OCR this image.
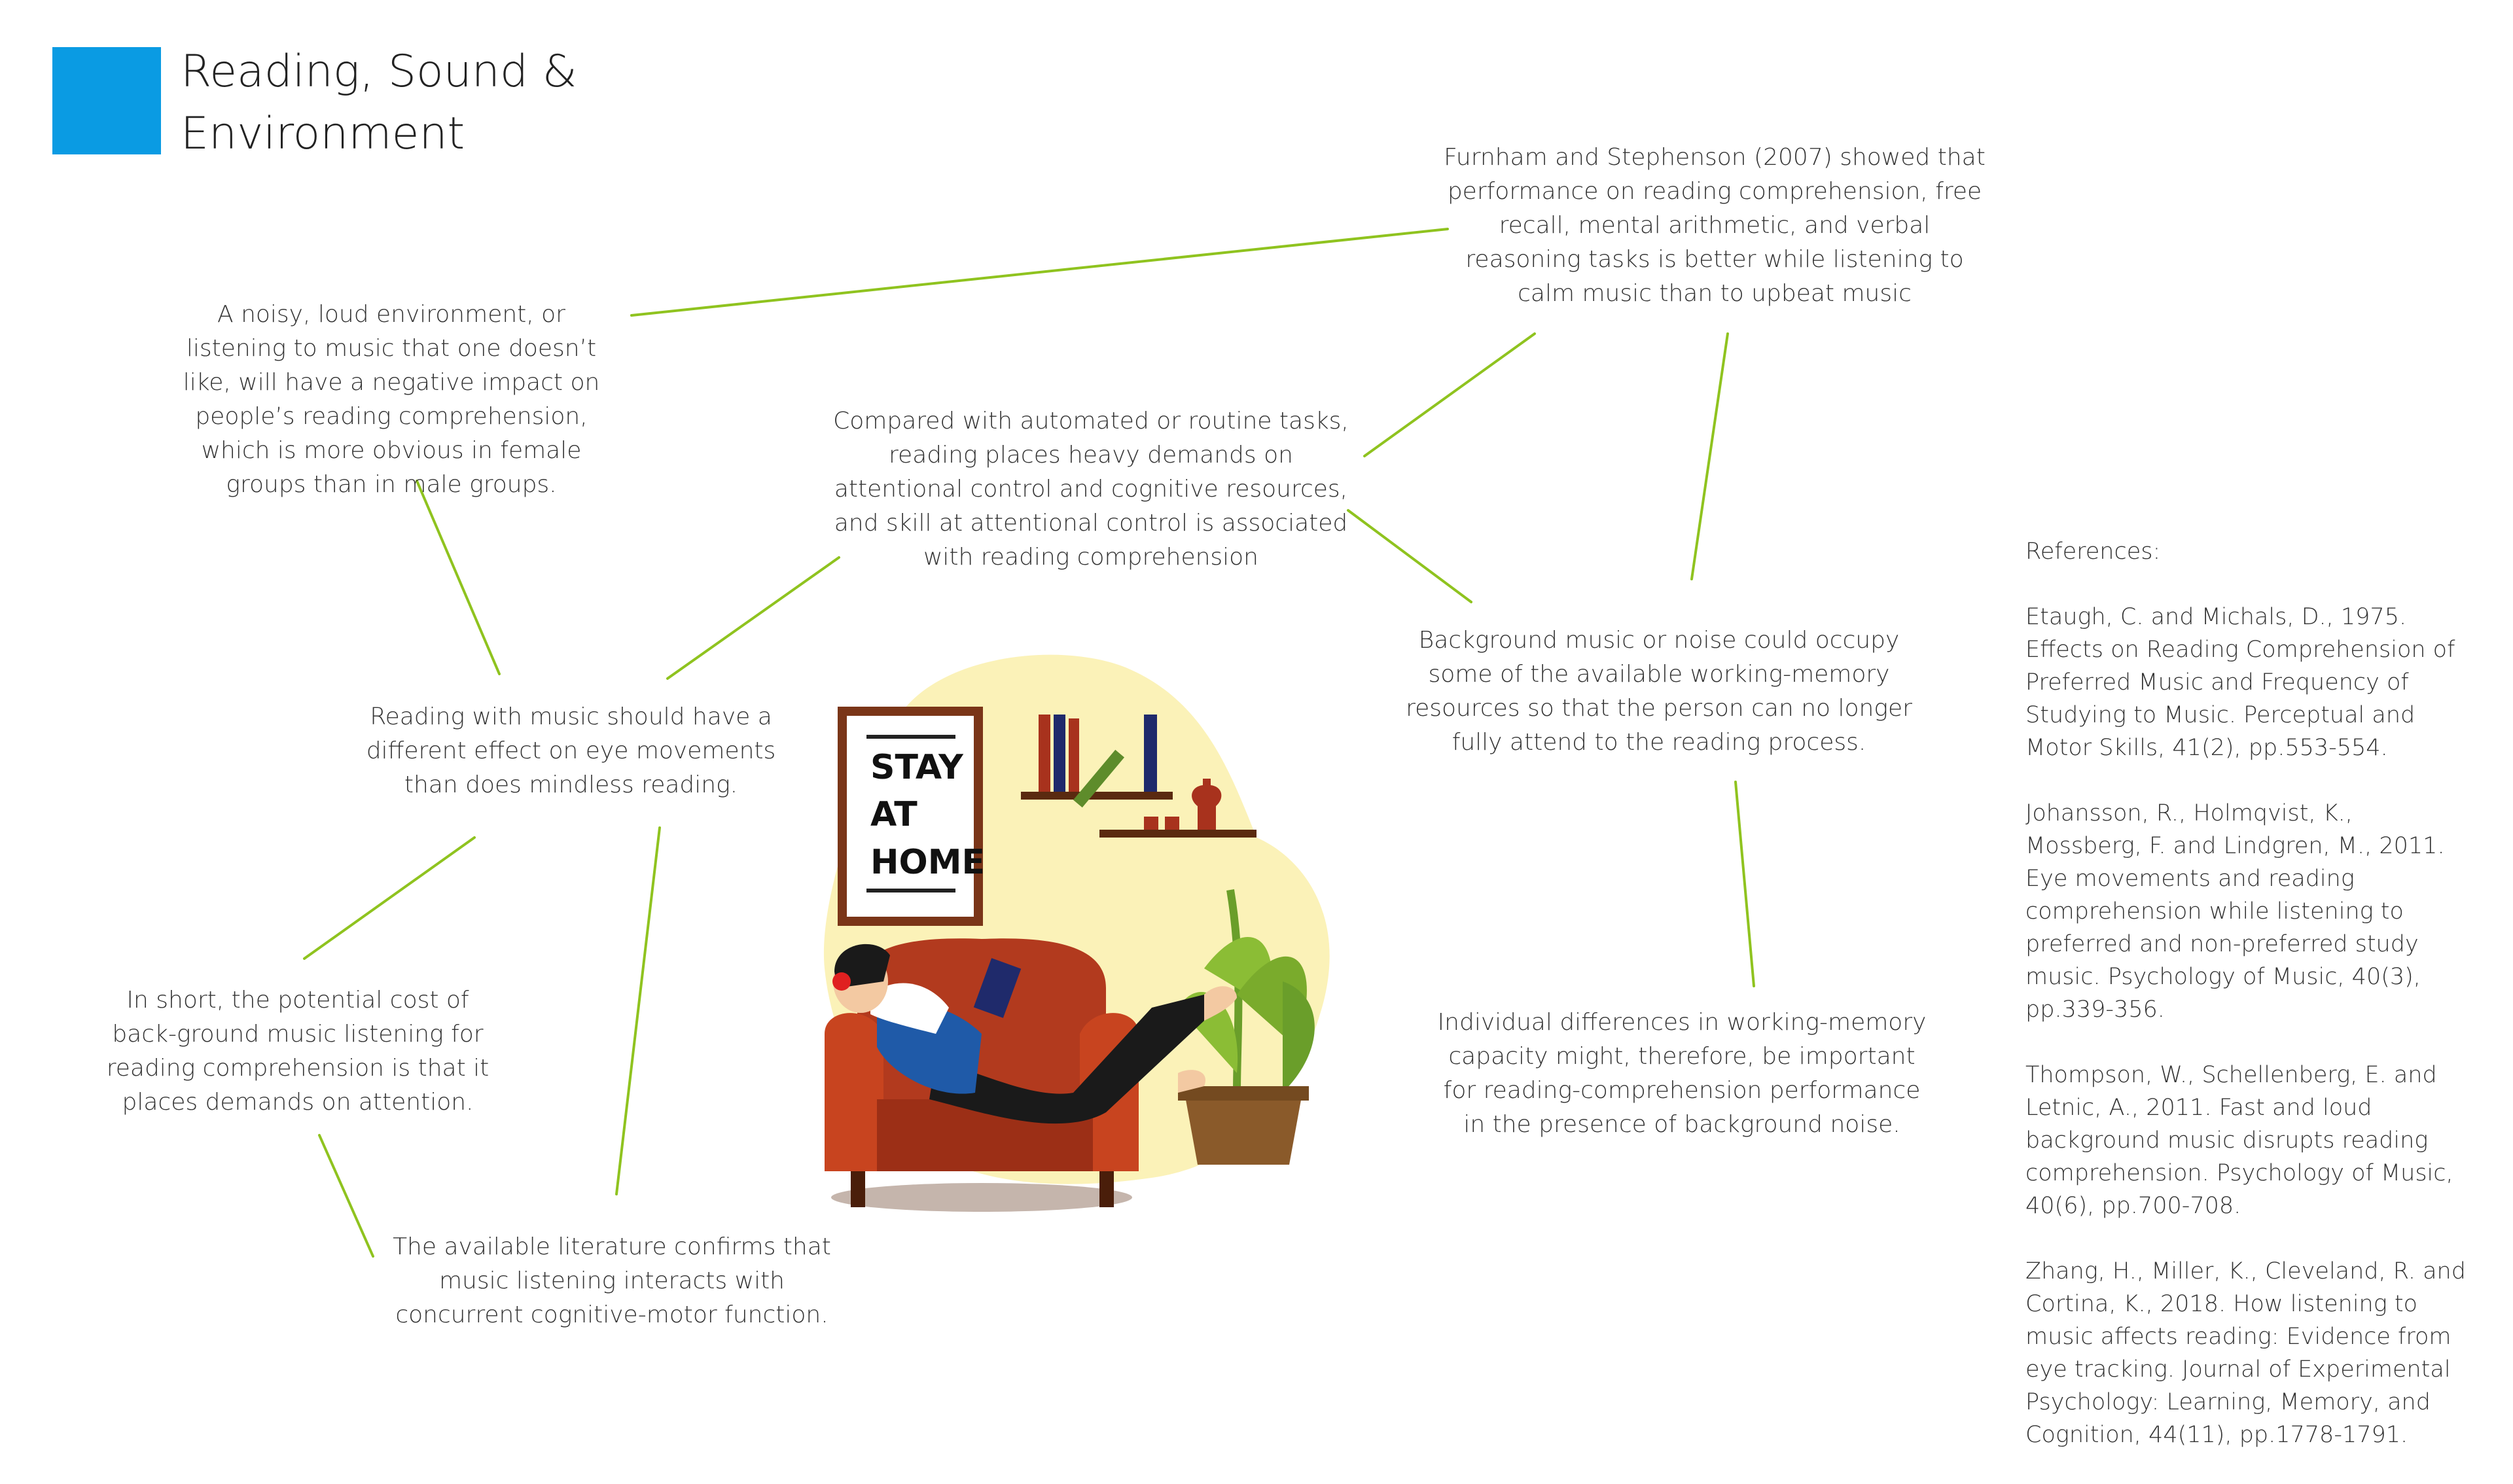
Reading, Sound & Environment	Furnham and Stephenson (2007) showed that performance on reading comprehension, free recall, mental arithmetic, and verbal reasoning tasks is better while listening to calm music than to upbeat music
A noisy, loud environment, or listening to music that one doesn’t like, will have a negative impact on people’s reading comprehension, which is more obvious in female groups than in male groups.
Compared with automated or routine tasks, reading places heavy demands on attentional control and cognitive resources, and skill at attentional control is associated with reading comprehension
Background music or noise could occupy some of the available working-memory resources so that the person can no longer fully attend to the reading process.
Reading with music should have a different effect on eye movements than does mindless reading.
In short, the potential cost of back-ground music listening for reading comprehension is that it places demands on attention.
Individual differences in working-memory capacity might, therefore, be important for reading-comprehension performance in the presence of background noise.
The available literature confirms that music listening interacts with concurrent cognitive-motor function.

References:

Etaugh, C. and Michals, D., 1975. Effects on Reading Comprehension of Preferred Music and Frequency of Studying to Music. Perceptual and Motor Skills, 41(2), pp.553-554.

Johansson, R., Holmqvist, K., Mossberg, F. and Lindgren, M., 2011. Eye movements and reading comprehension while listening to preferred and non-preferred study music. Psychology of Music, 40(3), pp.339-356.

Thompson, W., Schellenberg, E. and Letnic, A., 2011. Fast and loud background music disrupts reading comprehension. Psychology of Music, 40(6), pp.700-708.

Zhang, H., Miller, K., Cleveland, R. and Cortina, K., 2018. How listening to music affects reading: Evidence from eye tracking. Journal of Experimental Psychology: Learning, Memory, and Cognition, 44(11), pp.1778-1791.

STAY
AT
HOME
